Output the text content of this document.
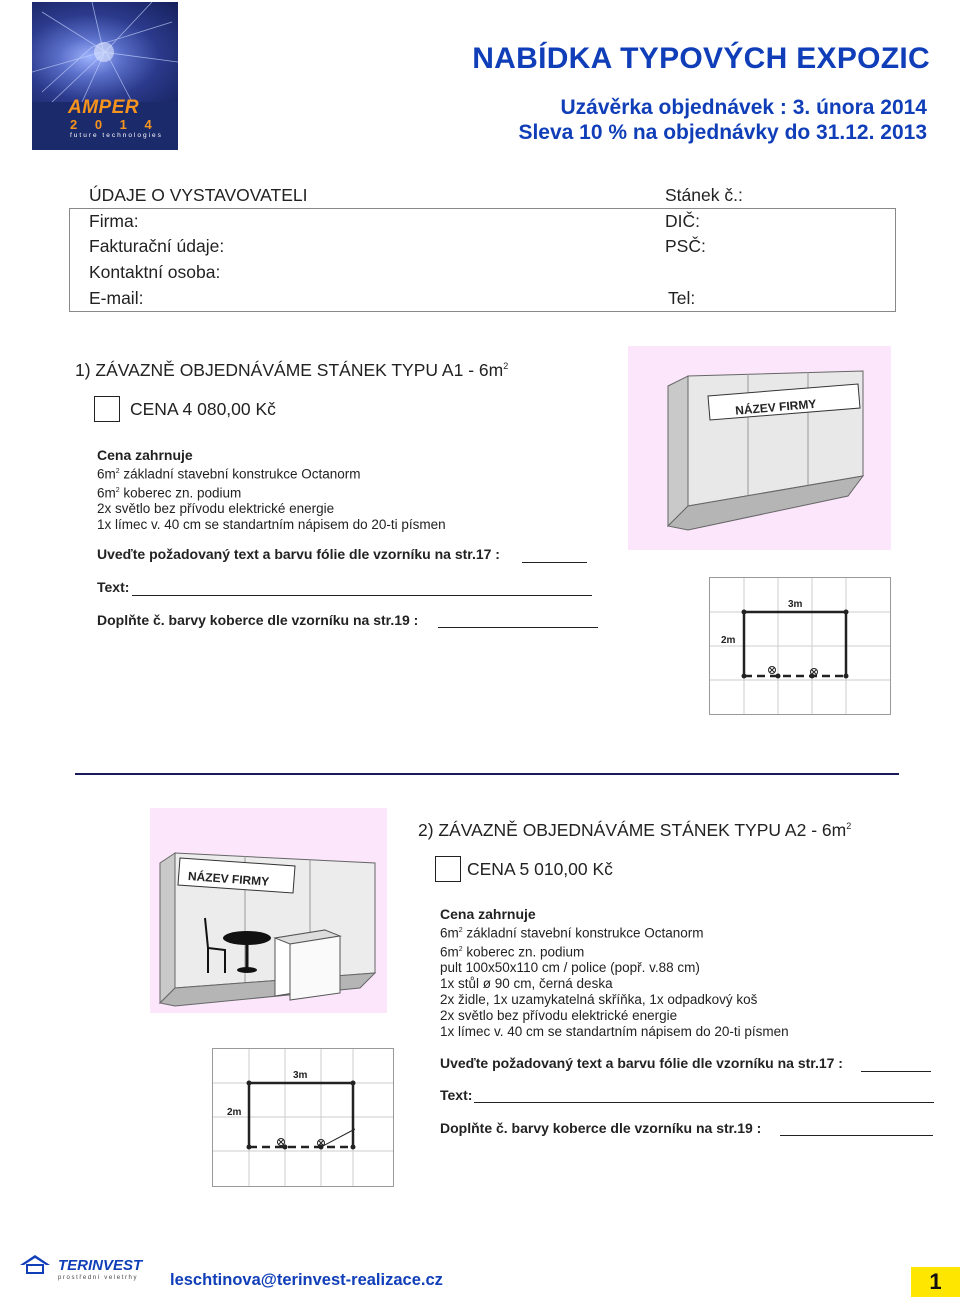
AMPER
2 0 1 4
future technologies
NABÍDKA TYPOVÝCH EXPOZIC
Uzávěrka objednávek : 3. února 2014
Sleva 10 % na objednávky do 31.12. 2013
ÚDAJE O VYSTAVOVATELI	Stánek č.:
Firma:	DIČ:
Fakturační údaje:	PSČ:
Kontaktní osoba:
E-mail:	Tel:
1) ZÁVAZNĚ OBJEDNÁVÁME STÁNEK TYPU $A1 - 6m^2$
CENA 4 080,00 Kč
Cena zahrnuje
$6m^2$ základní stavební konstrukce Octanorm
$6m^2$ koberec zn. podium
2x světlo bez přívodu elektrické energie
1x límec v. 40 cm se standartním nápisem do 20-ti písmen
Uveďte požadovaný text a barvu fólie dle vzorníku na str.17 :
Text:
Doplňte č. barvy koberce dle vzorníku na str.19 :
NÁZEV FIRMY
3m
2m
NÁZEV FIRMY
2) ZÁVAZNĚ OBJEDNÁVÁME STÁNEK TYPU $A2 - 6m^2$
CENA 5 010,00 Kč
Cena zahrnuje
$6m^2$ základní stavební konstrukce Octanorm
$6m^2$ koberec zn. podium
pult 100x50x110 cm / police (popř. v.88 cm)
1x stůl ø 90 cm, černá deska
2x židle, 1x uzamykatelná skříňka, 1x odpadkový koš
2x světlo bez přívodu elektrické energie
1x límec v. 40 cm se standartním nápisem do 20-ti písmen
Uveďte požadovaný text a barvu fólie dle vzorníku na str.17 :
Text:
Doplňte č. barvy koberce dle vzorníku na str.19 :
3m
2m
TERINVEST
prostřední veletrhy leschtinova@terinvest-realizace.cz	1
